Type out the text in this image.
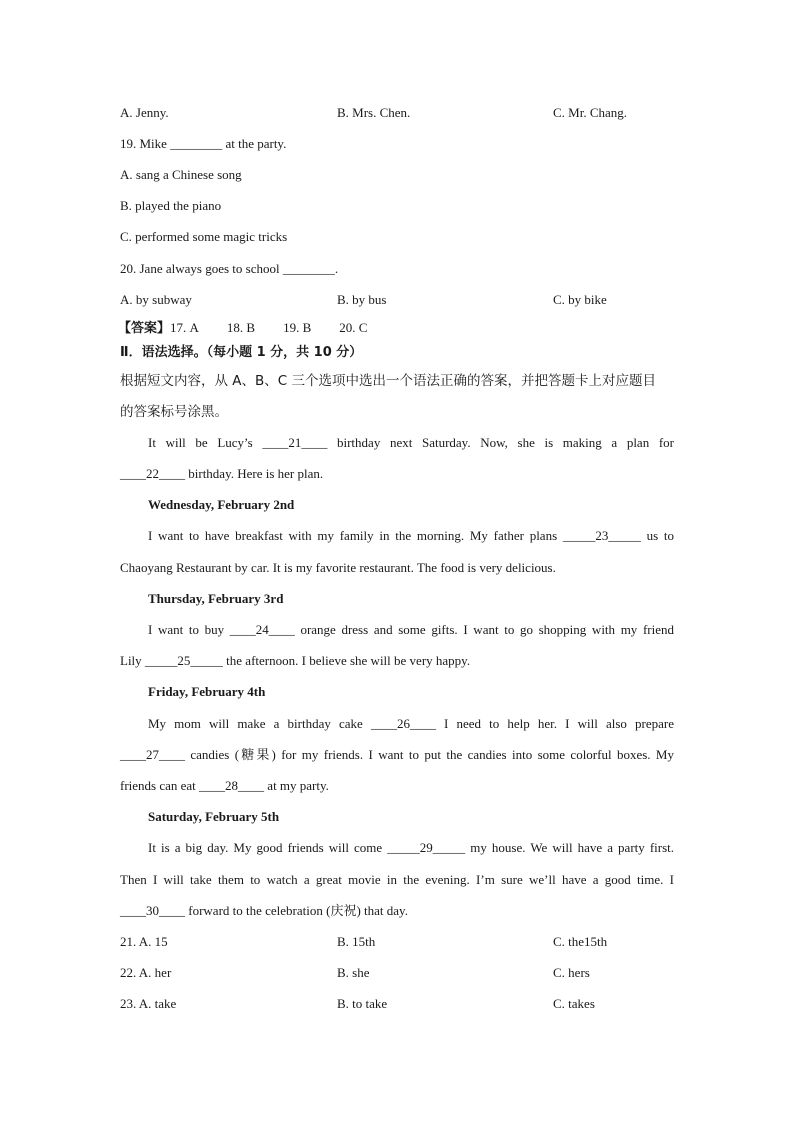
A. Jenny.	B. Mrs. Chen.	C. Mr. Chang.
19. Mike ________ at the party.
A. sang a Chinese song
B. played the piano
C. performed some magic tricks
20. Jane always goes to school ________.
A. by subway	B. by bus	C. by bike
【答案】17. A 18. B 19. B 20. C
Ⅱ．语法选择。（每小题 1 分，共 10 分）
根据短文内容，从 A、B、C 三个选项中选出一个语法正确的答案，并把答题卡上对应题目
的答案标号涂黑。
It will be Lucy’s ____21____ birthday next Saturday. Now, she is making a plan for
____22____ birthday. Here is her plan.
Wednesday, February 2nd
I want to have breakfast with my family in the morning. My father plans _____23_____ us to
Chaoyang Restaurant by car. It is my favorite restaurant. The food is very delicious.
Thursday, February 3rd
I want to buy ____24____ orange dress and some gifts. I want to go shopping with my friend
Lily _____25_____ the afternoon. I believe she will be very happy.
Friday, February 4th
My mom will make a birthday cake ____26____ I need to help her. I will also prepare
____27____ candies (糖果) for my friends. I want to put the candies into some colorful boxes. My
friends can eat ____28____ at my party.
Saturday, February 5th
It is a big day. My good friends will come _____29_____ my house. We will have a party first.
Then I will take them to watch a great movie in the evening. I’m sure we’ll have a good time. I
____30____ forward to the celebration (庆祝) that day.
21. A. 15	B. 15th	C. the15th
22. A. her	B. she	C. hers
23. A. take	B. to take	C. takes
